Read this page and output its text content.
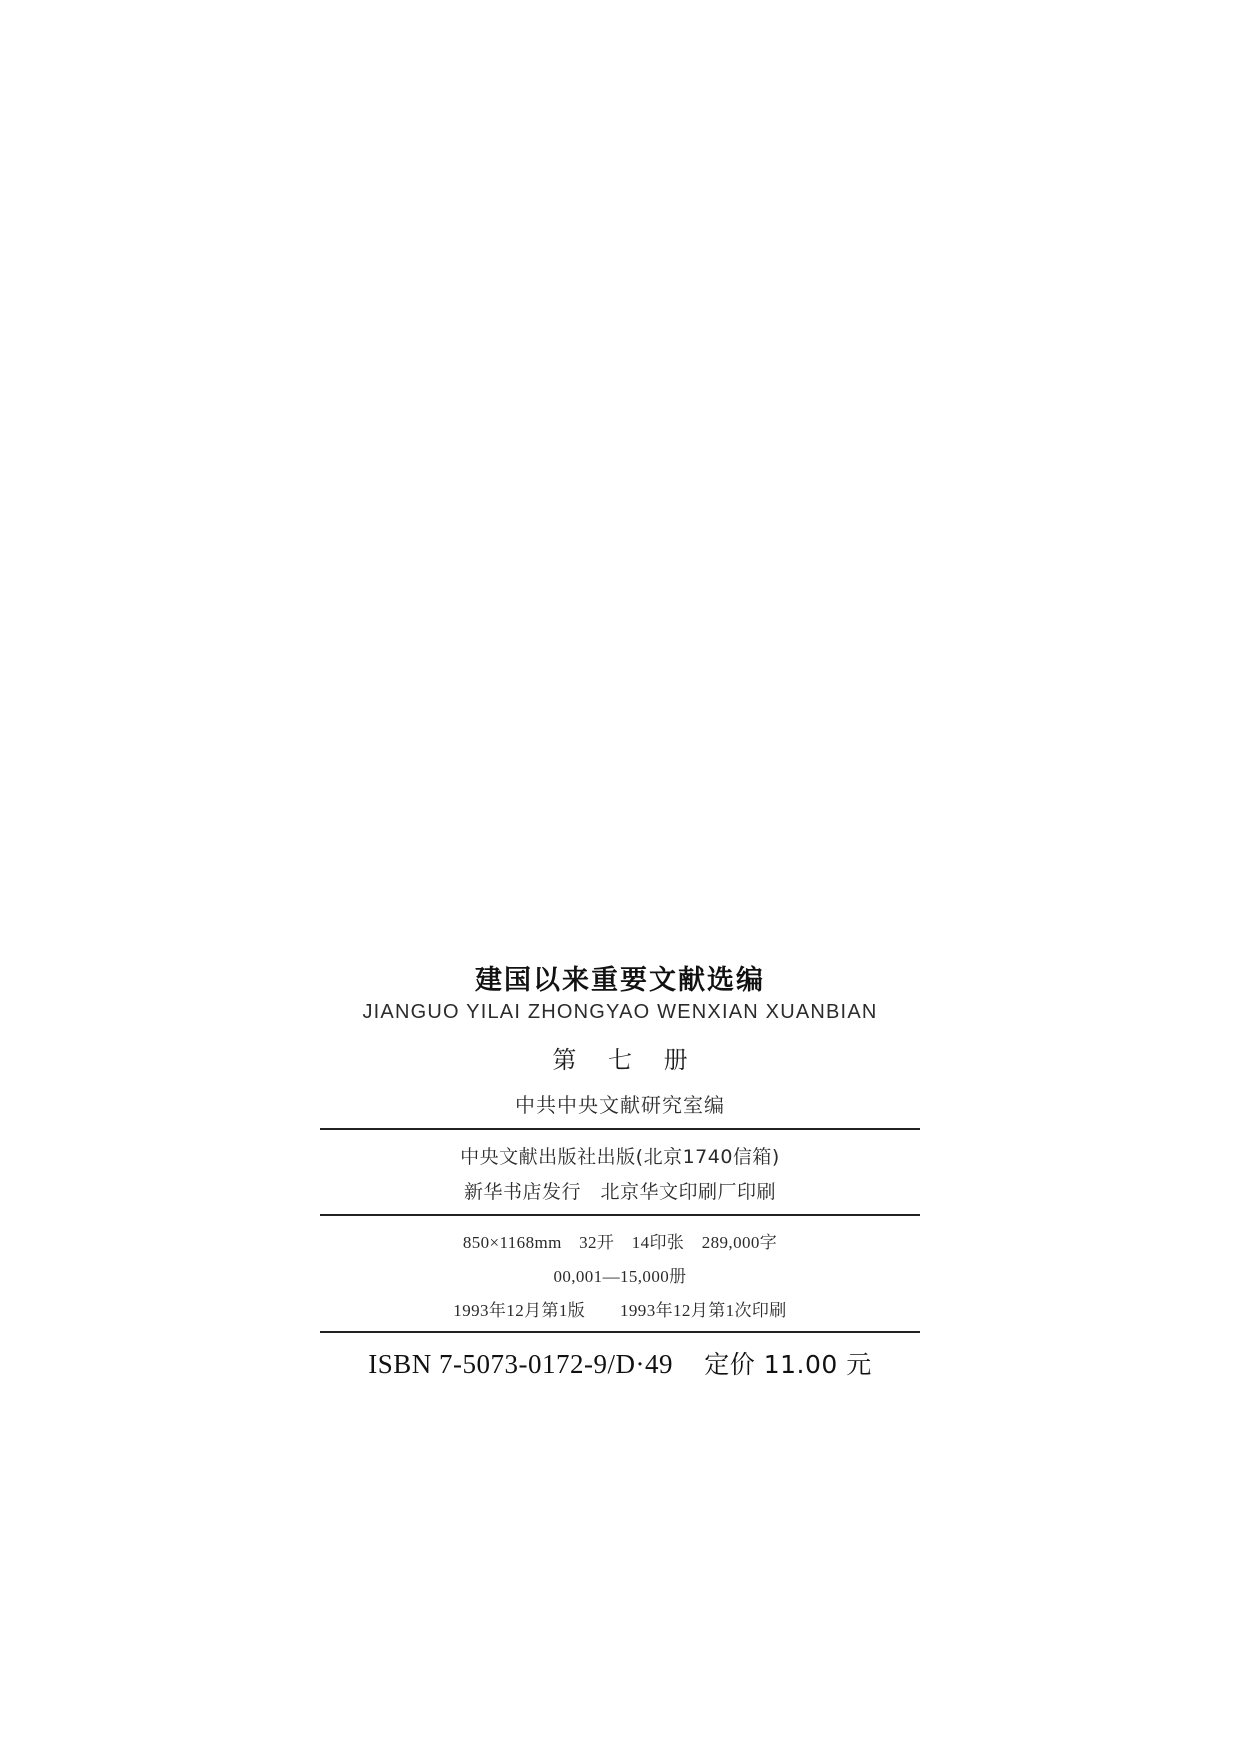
建国以来重要文献选编
JIANGUO YILAI ZHONGYAO WENXIAN XUANBIAN
第 七 册
中共中央文献研究室编
中央文献出版社出版(北京1740信箱)
新华书店发行　北京华文印刷厂印刷
850×1168mm　32开　14印张　289,000字
00,001—15,000册
1993年12月第1版　　1993年12月第1次印刷
ISBN 7-5073-0172-9/D·49 定价 11.00 元
